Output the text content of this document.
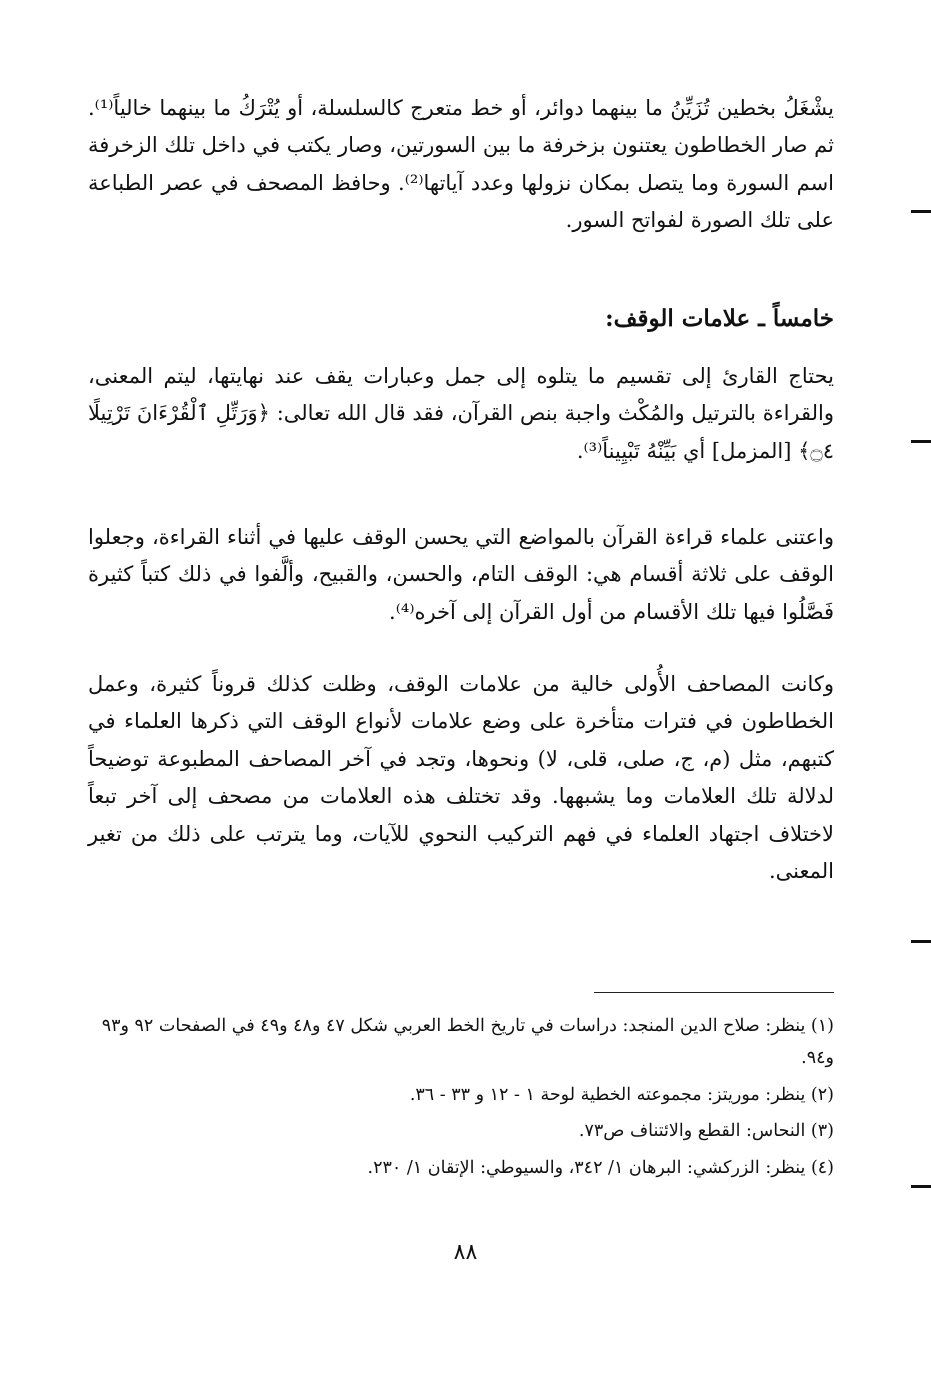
يشْغَلُ بخطين تُزَيِّنُ ما بينهما دوائر، أو خط متعرج كالسلسلة، أو يُتْرَكُ ما بينهما خالياً⁽¹⁾. ثم صار الخطاطون يعتنون بزخرفة ما بين السورتين، وصار يكتب في داخل تلك الزخرفة اسم السورة وما يتصل بمكان نزولها وعدد آياتها⁽²⁾. وحافظ المصحف في عصر الطباعة على تلك الصورة لفواتح السور.

خامساً ـ علامات الوقف:

يحتاج القارئ إلى تقسيم ما يتلوه إلى جمل وعبارات يقف عند نهايتها، ليتم المعنى، والقراءة بالترتيل والمُكْث واجبة بنص القرآن، فقد قال الله تعالى: ﴿وَرَتِّلِ ٱلْقُرْءَانَ تَرْتِيلًا ۝٤﴾ [المزمل] أي بَيِّنْهُ تَبْيِيناً⁽³⁾.

واعتنى علماء قراءة القرآن بالمواضع التي يحسن الوقف عليها في أثناء القراءة، وجعلوا الوقف على ثلاثة أقسام هي: الوقف التام، والحسن، والقبيح، وألَّفوا في ذلك كتباً كثيرة فَصَّلُوا فيها تلك الأقسام من أول القرآن إلى آخره⁽⁴⁾.

وكانت المصاحف الأُولى خالية من علامات الوقف، وظلت كذلك قروناً كثيرة، وعمل الخطاطون في فترات متأخرة على وضع علامات لأنواع الوقف التي ذكرها العلماء في كتبهم، مثل (م، ج، صلى، قلى، لا) ونحوها، وتجد في آخر المصاحف المطبوعة توضيحاً لدلالة تلك العلامات وما يشبهها. وقد تختلف هذه العلامات من مصحف إلى آخر تبعاً لاختلاف اجتهاد العلماء في فهم التركيب النحوي للآيات، وما يترتب على ذلك من تغير المعنى.

(١) ينظر: صلاح الدين المنجد: دراسات في تاريخ الخط العربي شكل ٤٧ و٤٨ و٤٩ في الصفحات ٩٢ و٩٣ و٩٤.

(٢) ينظر: موريتز: مجموعته الخطية لوحة ١ - ١٢ و ٣٣ - ٣٦.

(٣) النحاس: القطع والائتناف ص٧٣.

(٤) ينظر: الزركشي: البرهان ١/ ٣٤٢، والسيوطي: الإتقان ١/ ٢٣٠.

٨٨
